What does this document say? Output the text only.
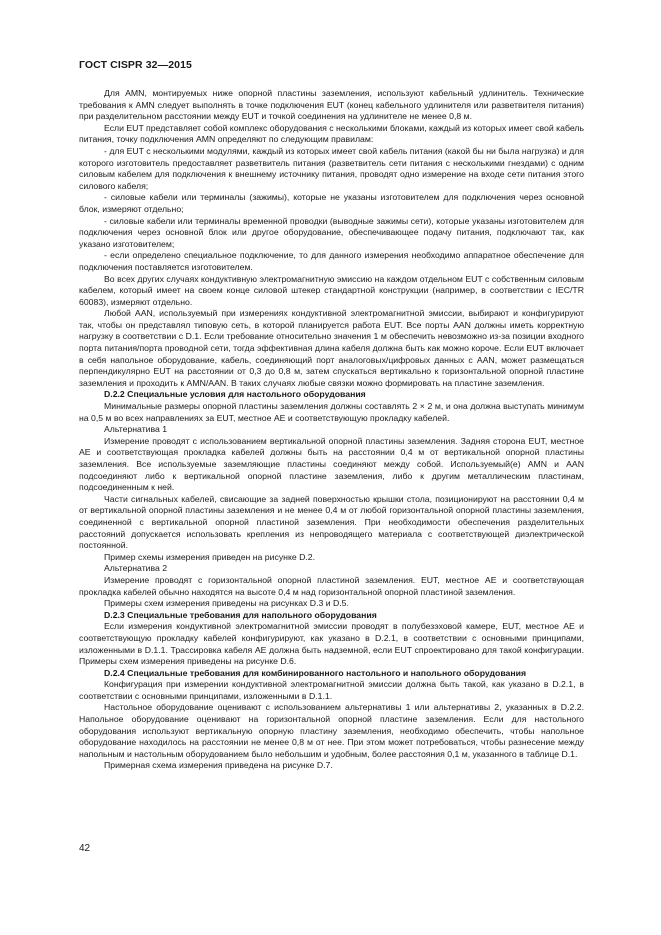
ГОСТ CISPR 32—2015

Для AMN, монтируемых ниже опорной пластины заземления, используют кабельный удлинитель. Технические требования к AMN следует выполнять в точке подключения EUT (конец кабельного удлинителя или разветвителя питания) при разделительном расстоянии между EUT и точкой соединения на удлинителе не менее 0,8 м.

Если EUT представляет собой комплекс оборудования с несколькими блоками, каждый из которых имеет свой кабель питания, точку подключения AMN определяют по следующим правилам:

- для EUT с несколькими модулями, каждый из которых имеет свой кабель питания (какой бы ни была нагрузка) и для которого изготовитель предоставляет разветвитель питания (разветвитель сети питания с несколькими гнездами) с одним силовым кабелем для подключения к внешнему источнику питания, проводят одно измерение на входе сети питания этого силового кабеля;

- силовые кабели или терминалы (зажимы), которые не указаны изготовителем для подключения через основной блок, измеряют отдельно;

- силовые кабели или терминалы временной проводки (выводные зажимы сети), которые указаны изготовителем для подключения через основной блок или другое оборудование, обеспечивающее подачу питания, подключают так, как указано изготовителем;

- если определено специальное подключение, то для данного измерения необходимо аппаратное обеспечение для подключения поставляется изготовителем.

Во всех других случаях кондуктивную электромагнитную эмиссию на каждом отдельном EUT с собственным силовым кабелем, который имеет на своем конце силовой штекер стандартной конструкции (например, в соответствии с IEC/TR 60083), измеряют отдельно.

Любой AAN, используемый при измерениях кондуктивной электромагнитной эмиссии, выбирают и конфигурируют так, чтобы он представлял типовую сеть, в которой планируется работа EUT. Все порты AAN должны иметь корректную нагрузку в соответствии с D.1. Если требование относительно значения 1 м обеспечить невозможно из-за позиции входного порта питания/порта проводной сети, тогда эффективная длина кабеля должна быть как можно короче. Если EUT включает в себя напольное оборудование, кабель, соединяющий порт аналоговых/цифровых данных с AAN, может размещаться перпендикулярно EUT на расстоянии от 0,3 до 0,8 м, затем спускаться вертикально к горизонтальной опорной пластине заземления и проходить к AMN/AAN. В таких случаях любые связки можно формировать на пластине заземления.

D.2.2 Специальные условия для настольного оборудования

Минимальные размеры опорной пластины заземления должны составлять 2 × 2 м, и она должна выступать минимум на 0,5 м во всех направлениях за EUT, местное AE и соответствующую прокладку кабелей.

Альтернатива 1

Измерение проводят с использованием вертикальной опорной пластины заземления. Задняя сторона EUT, местное AE и соответствующая прокладка кабелей должны быть на расстоянии 0,4 м от вертикальной опорной пластины заземления. Все используемые заземляющие пластины соединяют между собой. Используемый(е) AMN и AAN подсоединяют либо к вертикальной опорной пластине заземления, либо к другим металлическим пластинам, подсоединенным к ней.

Части сигнальных кабелей, свисающие за задней поверхностью крышки стола, позиционируют на расстоянии 0,4 м от вертикальной опорной пластины заземления и не менее 0,4 м от любой горизонтальной опорной пластины заземления, соединенной с вертикальной опорной пластиной заземления. При необходимости обеспечения разделительных расстояний допускается использовать крепления из непроводящего материала с соответствующей диэлектрической постоянной.

Пример схемы измерения приведен на рисунке D.2.

Альтернатива 2

Измерение проводят с горизонтальной опорной пластиной заземления. EUT, местное AE и соответствующая прокладка кабелей обычно находятся на высоте 0,4 м над горизонтальной опорной пластиной заземления.

Примеры схем измерения приведены на рисунках D.3 и D.5.

D.2.3 Специальные требования для напольного оборудования

Если измерения кондуктивной электромагнитной эмиссии проводят в полубезэховой камере, EUT, местное AE и соответствующую прокладку кабелей конфигурируют, как указано в D.2.1, в соответствии с основными принципами, изложенными в D.1.1. Трассировка кабеля AE должна быть надземной, если EUT спроектировано для такой конфигурации. Примеры схем измерения приведены на рисунке D.6.

D.2.4 Специальные требования для комбинированного настольного и напольного оборудования

Конфигурация при измерении кондуктивной электромагнитной эмиссии должна быть такой, как указано в D.2.1, в соответствии с основными принципами, изложенными в D.1.1.

Настольное оборудование оценивают с использованием альтернативы 1 или альтернативы 2, указанных в D.2.2. Напольное оборудование оценивают на горизонтальной опорной пластине заземления. Если для настольного оборудования используют вертикальную опорную пластину заземления, необходимо обеспечить, чтобы напольное оборудование находилось на расстоянии не менее 0,8 м от нее. При этом может потребоваться, чтобы разнесение между напольным и настольным оборудованием было небольшим и удобным, более расстояния 0,1 м, указанного в таблице D.1.

Примерная схема измерения приведена на рисунке D.7.

42
